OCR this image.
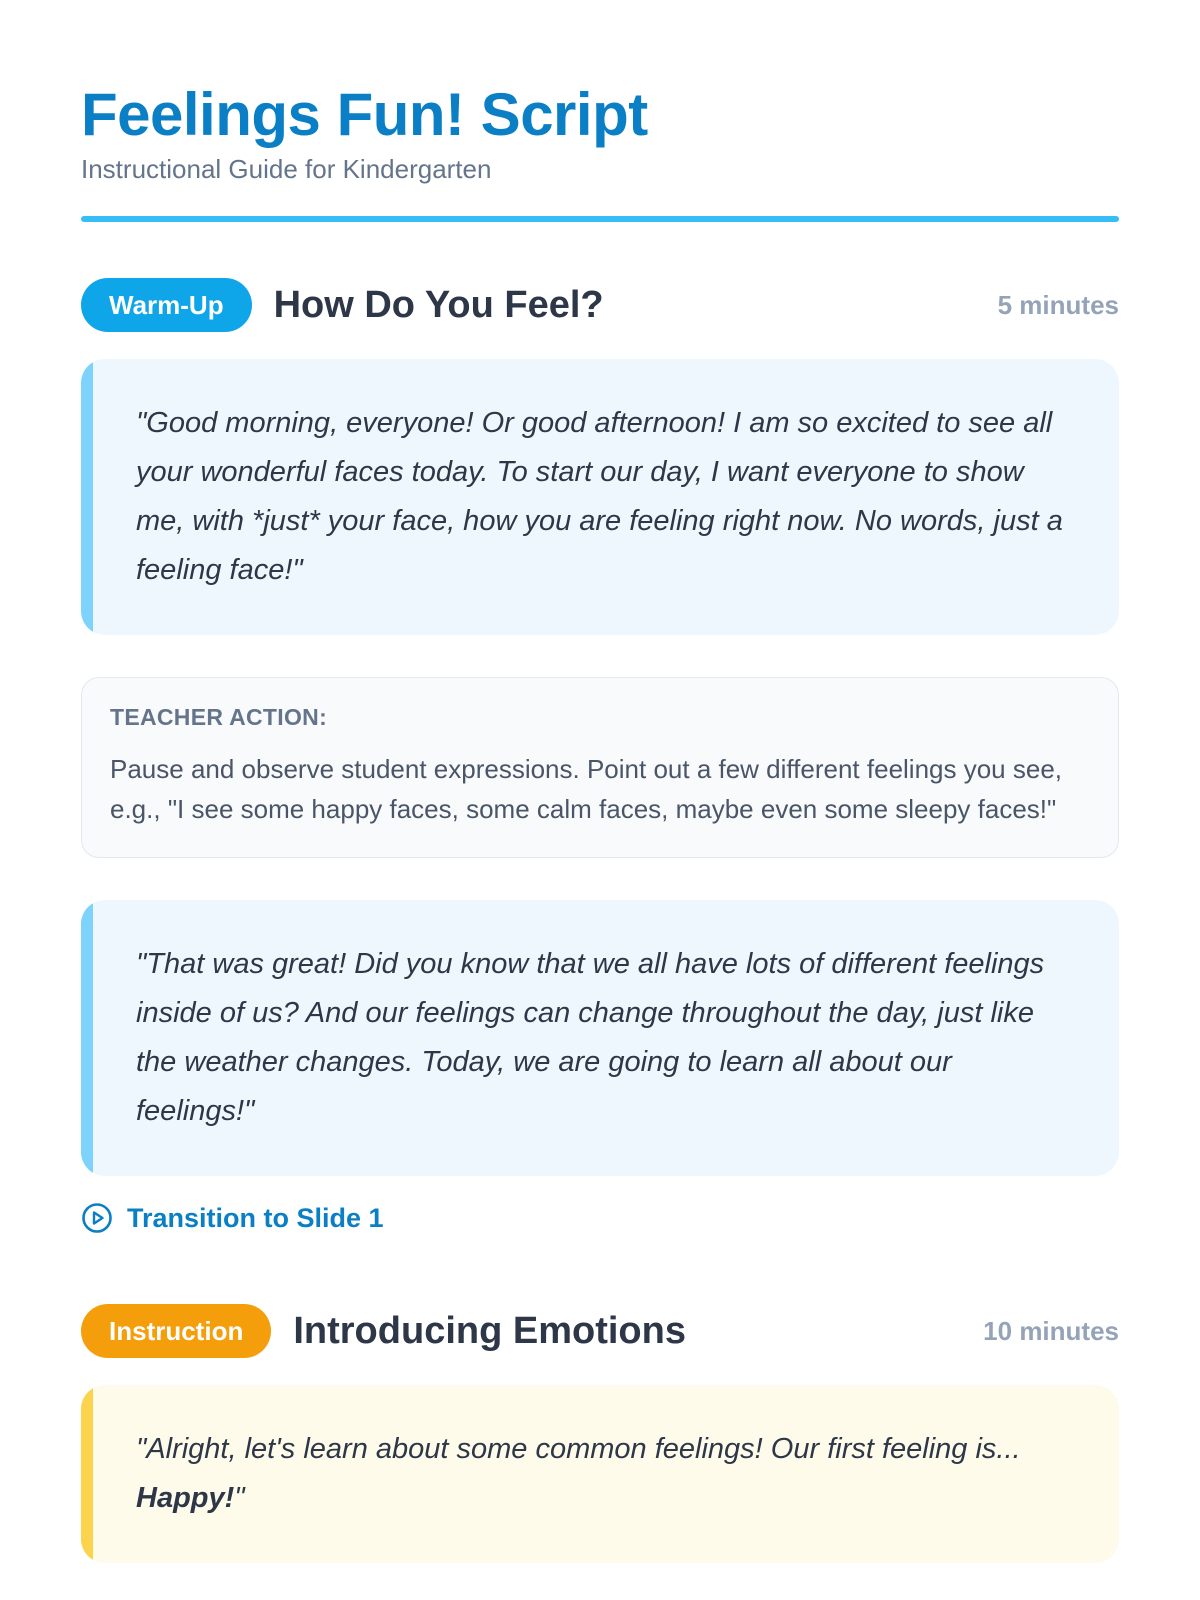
Feelings Fun! Script
Instructional Guide for Kindergarten
Warm-Up	How Do You Feel?	5 minutes
"Good morning, everyone! Or good afternoon! I am so excited to see all your wonderful faces today. To start our day, I want everyone to show me, with *just* your face, how you are feeling right now. No words, just a feeling face!"
TEACHER ACTION:
Pause and observe student expressions. Point out a few different feelings you see, e.g., "I see some happy faces, some calm faces, maybe even some sleepy faces!"
"That was great! Did you know that we all have lots of different feelings inside of us? And our feelings can change throughout the day, just like the weather changes. Today, we are going to learn all about our feelings!"
Transition to Slide 1
Instruction	Introducing Emotions	10 minutes
"Alright, let's learn about some common feelings! Our first feeling is... Happy!"
